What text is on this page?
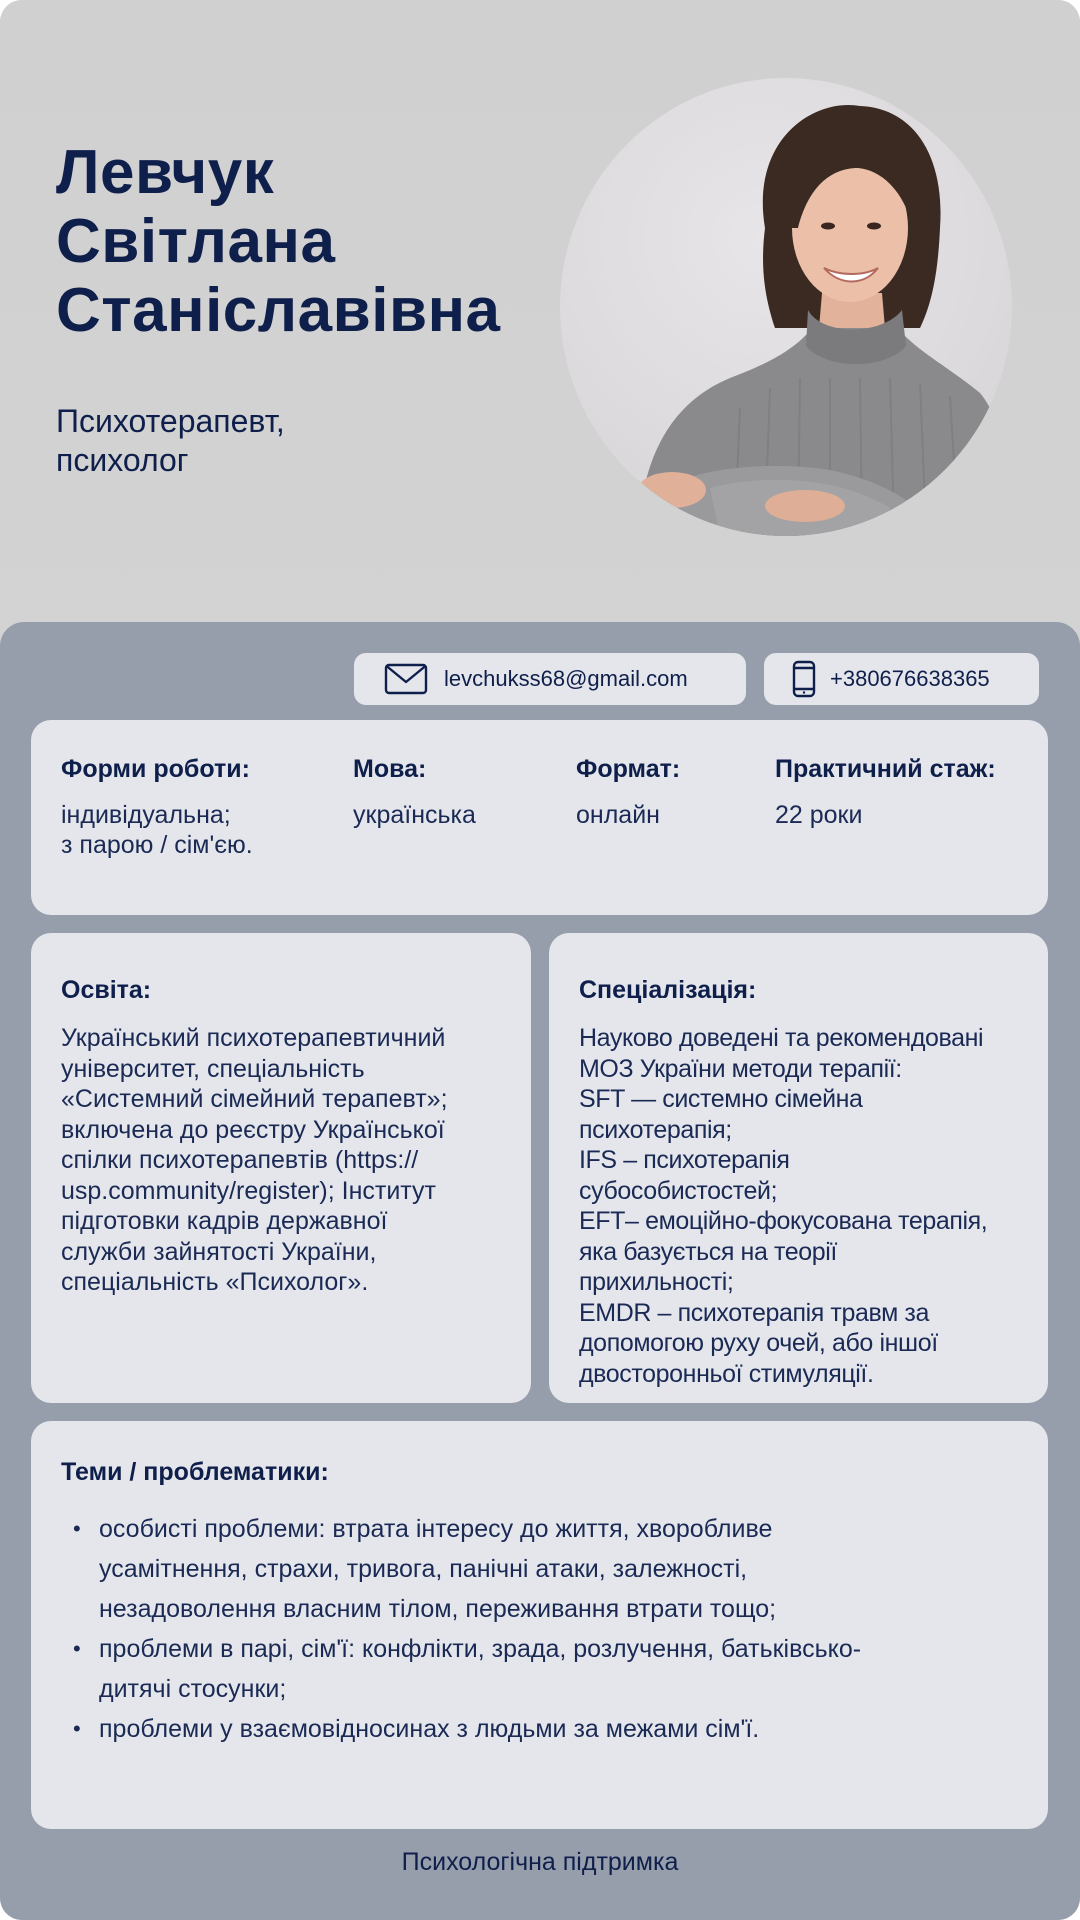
Левчук
Світлана
Станіславівна
Психотерапевт,
психолог
levchukss68@gmail.com	+380676638365
Форми роботи:
індивідуальна;
з парою / сім'єю.
Мова:
українська
Формат:
онлайн
Практичний стаж:
22 роки
Освіта:
Український психотерапевтичний
університет, спеціальність
«Системний сімейний терапевт»;
включена до реєстру Української
спілки психотерапевтів (https://
usp.community/register); Інститут
підготовки кадрів державної
служби зайнятості України,
спеціальність «Психолог».
Спеціалізація:
Науково доведені та рекомендовані
МОЗ України методи терапії:
SFT — системно сімейна
психотерапія;
IFS – психотерапія
субособистостей;
EFT– емоційно-фокусована терапія,
яка базується на теорії
прихильності;
EMDR – психотерапія травм за
допомогою руху очей, або іншої
двосторонньої стимуляції.
Теми / проблематики:
• особисті проблеми: втрата інтересу до життя, хворобливе
усамітнення, страхи, тривога, панічні атаки, залежності,
незадоволення власним тілом, переживання втрати тощо;
• проблеми в парі, сім'ї: конфлікти, зрада, розлучення, батьківсько-
дитячі стосунки;
• проблеми у взаємовідносинах з людьми за межами сім'ї.
Психологічна підтримка
